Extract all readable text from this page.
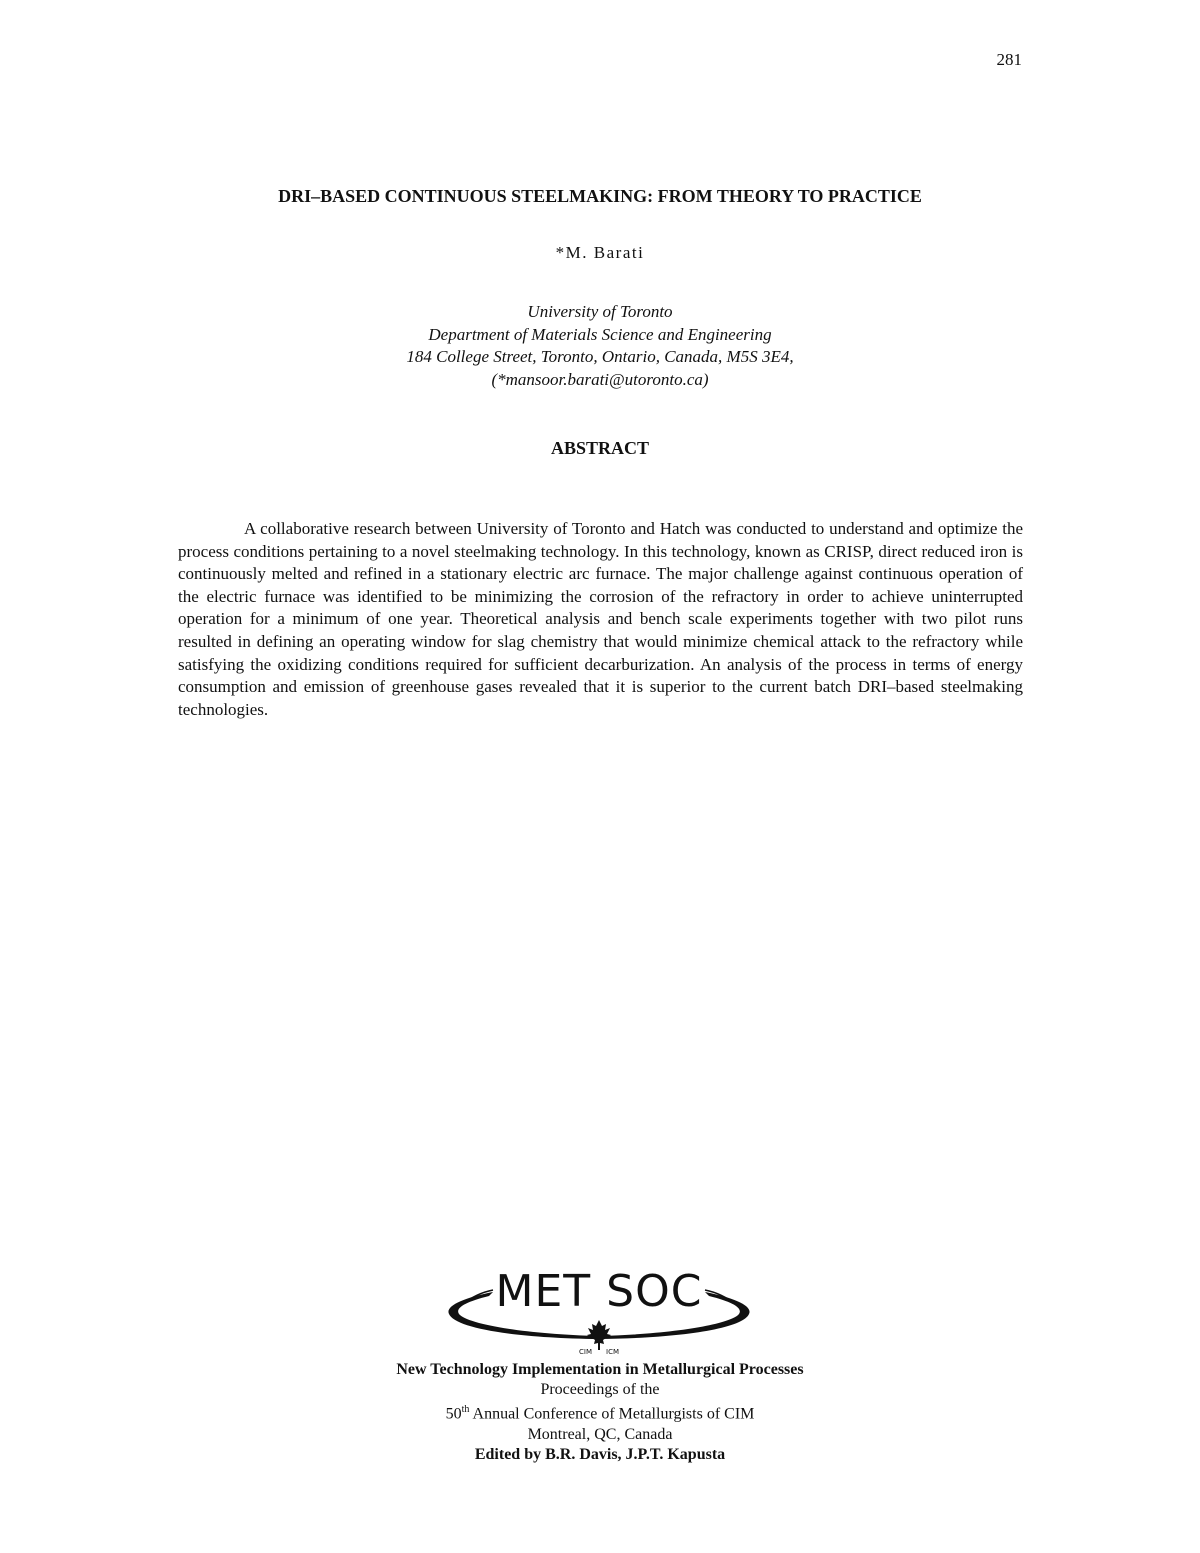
281
DRI–BASED CONTINUOUS STEELMAKING: FROM THEORY TO PRACTICE
*M. Barati
University of Toronto
Department of Materials Science and Engineering
184 College Street, Toronto, Ontario, Canada, M5S 3E4,
(*mansoor.barati@utoronto.ca)
ABSTRACT

A collaborative research between University of Toronto and Hatch was conducted to understand and optimize the process conditions pertaining to a novel steelmaking technology. In this technology, known as CRISP, direct reduced iron is continuously melted and refined in a stationary electric arc furnace. The major challenge against continuous operation of the electric furnace was identified to be minimizing the corrosion of the refractory in order to achieve uninterrupted operation for a minimum of one year. Theoretical analysis and bench scale experiments together with two pilot runs resulted in defining an operating window for slag chemistry that would minimize chemical attack to the refractory while satisfying the oxidizing conditions required for sufficient decarburization. An analysis of the process in terms of energy consumption and emission of greenhouse gases revealed that it is superior to the current batch DRI–based steelmaking technologies.

MET SOC
CIM ICM
New Technology Implementation in Metallurgical Processes
Proceedings of the
50th Annual Conference of Metallurgists of CIM
Montreal, QC, Canada
Edited by B.R. Davis, J.P.T. Kapusta
